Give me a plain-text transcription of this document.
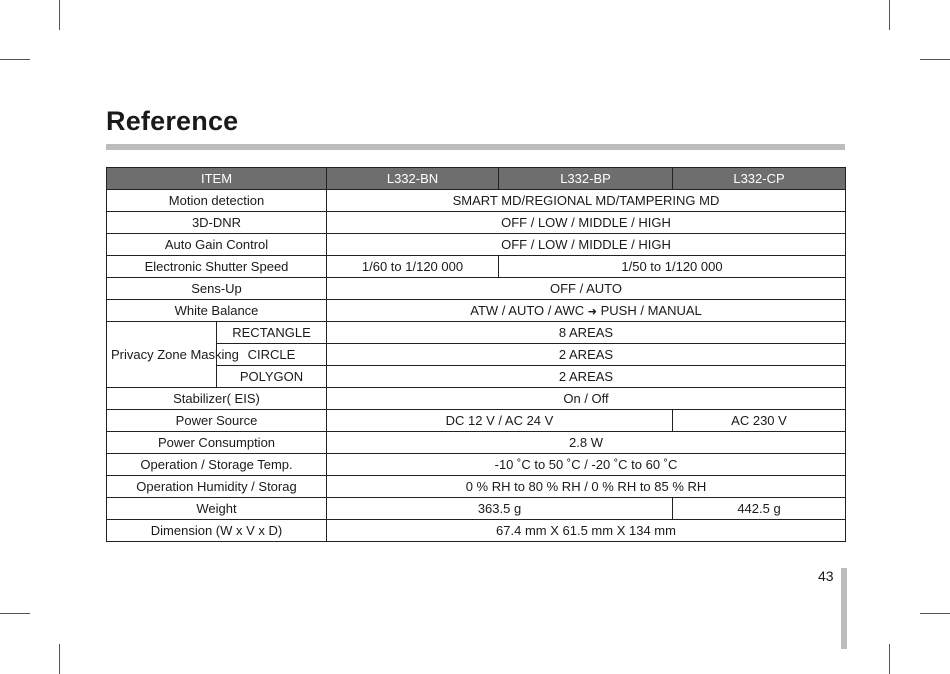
Reference
ITEM		L332-BN	L332-BP	L332-CP
Motion detection		SMART MD/REGIONAL MD/TAMPERING MD		
3D-DNR		OFF / LOW / MIDDLE / HIGH		
Auto Gain Control		OFF / LOW / MIDDLE / HIGH		
Electronic Shutter Speed		1/60 to 1/120 000	1/50 to 1/120 000	
Sens-Up		OFF / AUTO		
White Balance		ATW / AUTO / AWC ➜ PUSH / MANUAL		
Privacy Zone Masking	RECTANGLE	8 AREAS		
	CIRCLE	2 AREAS		
	POLYGON	2 AREAS		
Stabilizer( EIS)		On / Off		
Power Source		DC 12 V / AC 24 V		AC 230 V
Power Consumption		2.8 W		
Operation / Storage Temp.		-10 ˚C to 50 ˚C / -20 ˚C to 60 ˚C		
Operation Humidity / Storag		0 % RH to 80 % RH / 0 % RH to 85 % RH		
Weight		363.5 g		442.5 g
Dimension (W x V x D)		67.4 mm X 61.5 mm X 134 mm		
43
